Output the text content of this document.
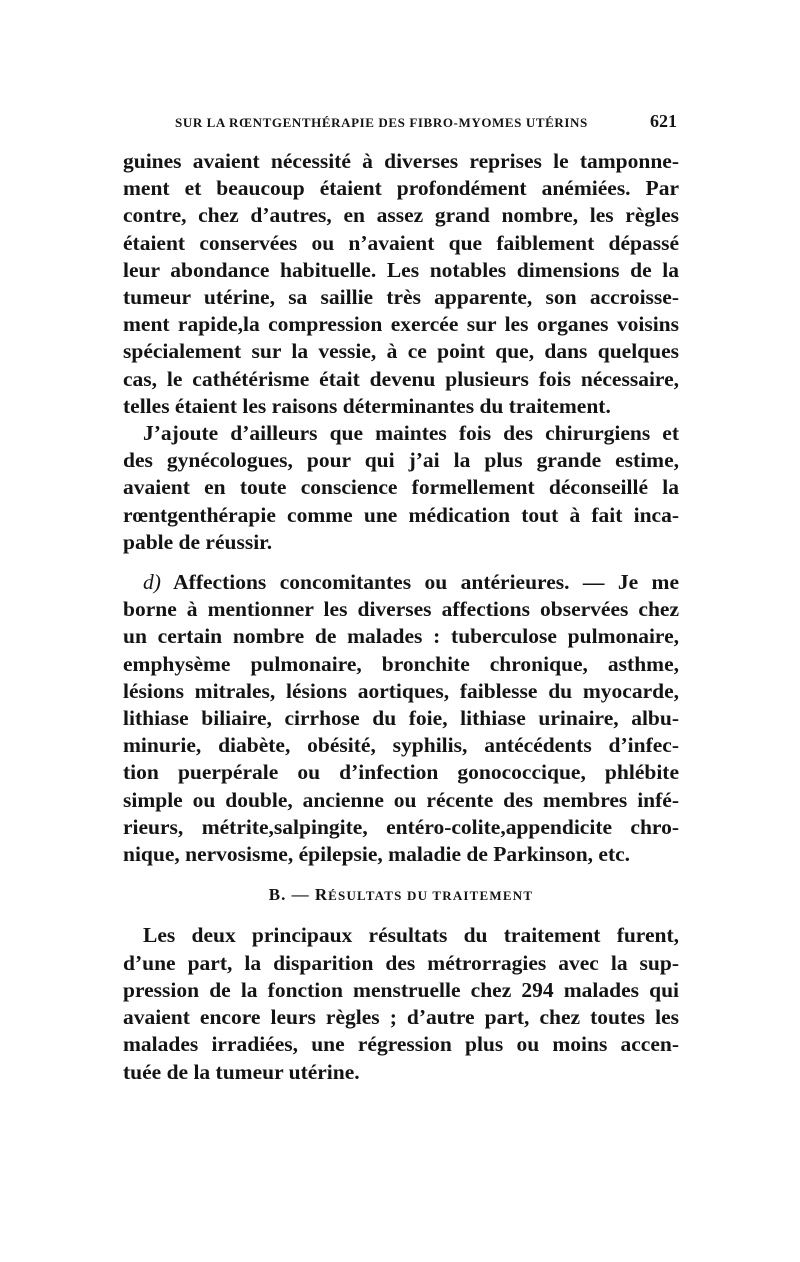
SUR LA RŒNTGENTHÉRAPIE DES FIBRO-MYOMES UTÉRINS	621
guines avaient nécessité à diverses reprises le tamponne-
ment et beaucoup étaient profondément anémiées. Par
contre, chez d’autres, en assez grand nombre, les règles
étaient conservées ou n’avaient que faiblement dépassé
leur abondance habituelle. Les notables dimensions de la
tumeur utérine, sa saillie très apparente, son accroisse-
ment rapide,la compression exercée sur les organes voisins
spécialement sur la vessie, à ce point que, dans quelques
cas, le cathétérisme était devenu plusieurs fois nécessaire,
telles étaient les raisons déterminantes du traitement.
J’ajoute d’ailleurs que maintes fois des chirurgiens et
des gynécologues, pour qui j’ai la plus grande estime,
avaient en toute conscience formellement déconseillé la
rœntgenthérapie comme une médication tout à fait inca-
pable de réussir.
d) Affections concomitantes ou antérieures. — Je me
borne à mentionner les diverses affections observées chez
un certain nombre de malades : tuberculose pulmonaire,
emphysème pulmonaire, bronchite chronique, asthme,
lésions mitrales, lésions aortiques, faiblesse du myocarde,
lithiase biliaire, cirrhose du foie, lithiase urinaire, albu-
minurie, diabète, obésité, syphilis, antécédents d’infec-
tion puerpérale ou d’infection gonococcique, phlébite
simple ou double, ancienne ou récente des membres infé-
rieurs, métrite,salpingite, entéro-colite,appendicite chro-
nique, nervosisme, épilepsie, maladie de Parkinson, etc.
B. — RÉSULTATS DU TRAITEMENT
Les deux principaux résultats du traitement furent,
d’une part, la disparition des métrorragies avec la sup-
pression de la fonction menstruelle chez 294 malades qui
avaient encore leurs règles ; d’autre part, chez toutes les
malades irradiées, une régression plus ou moins accen-
tuée de la tumeur utérine.
